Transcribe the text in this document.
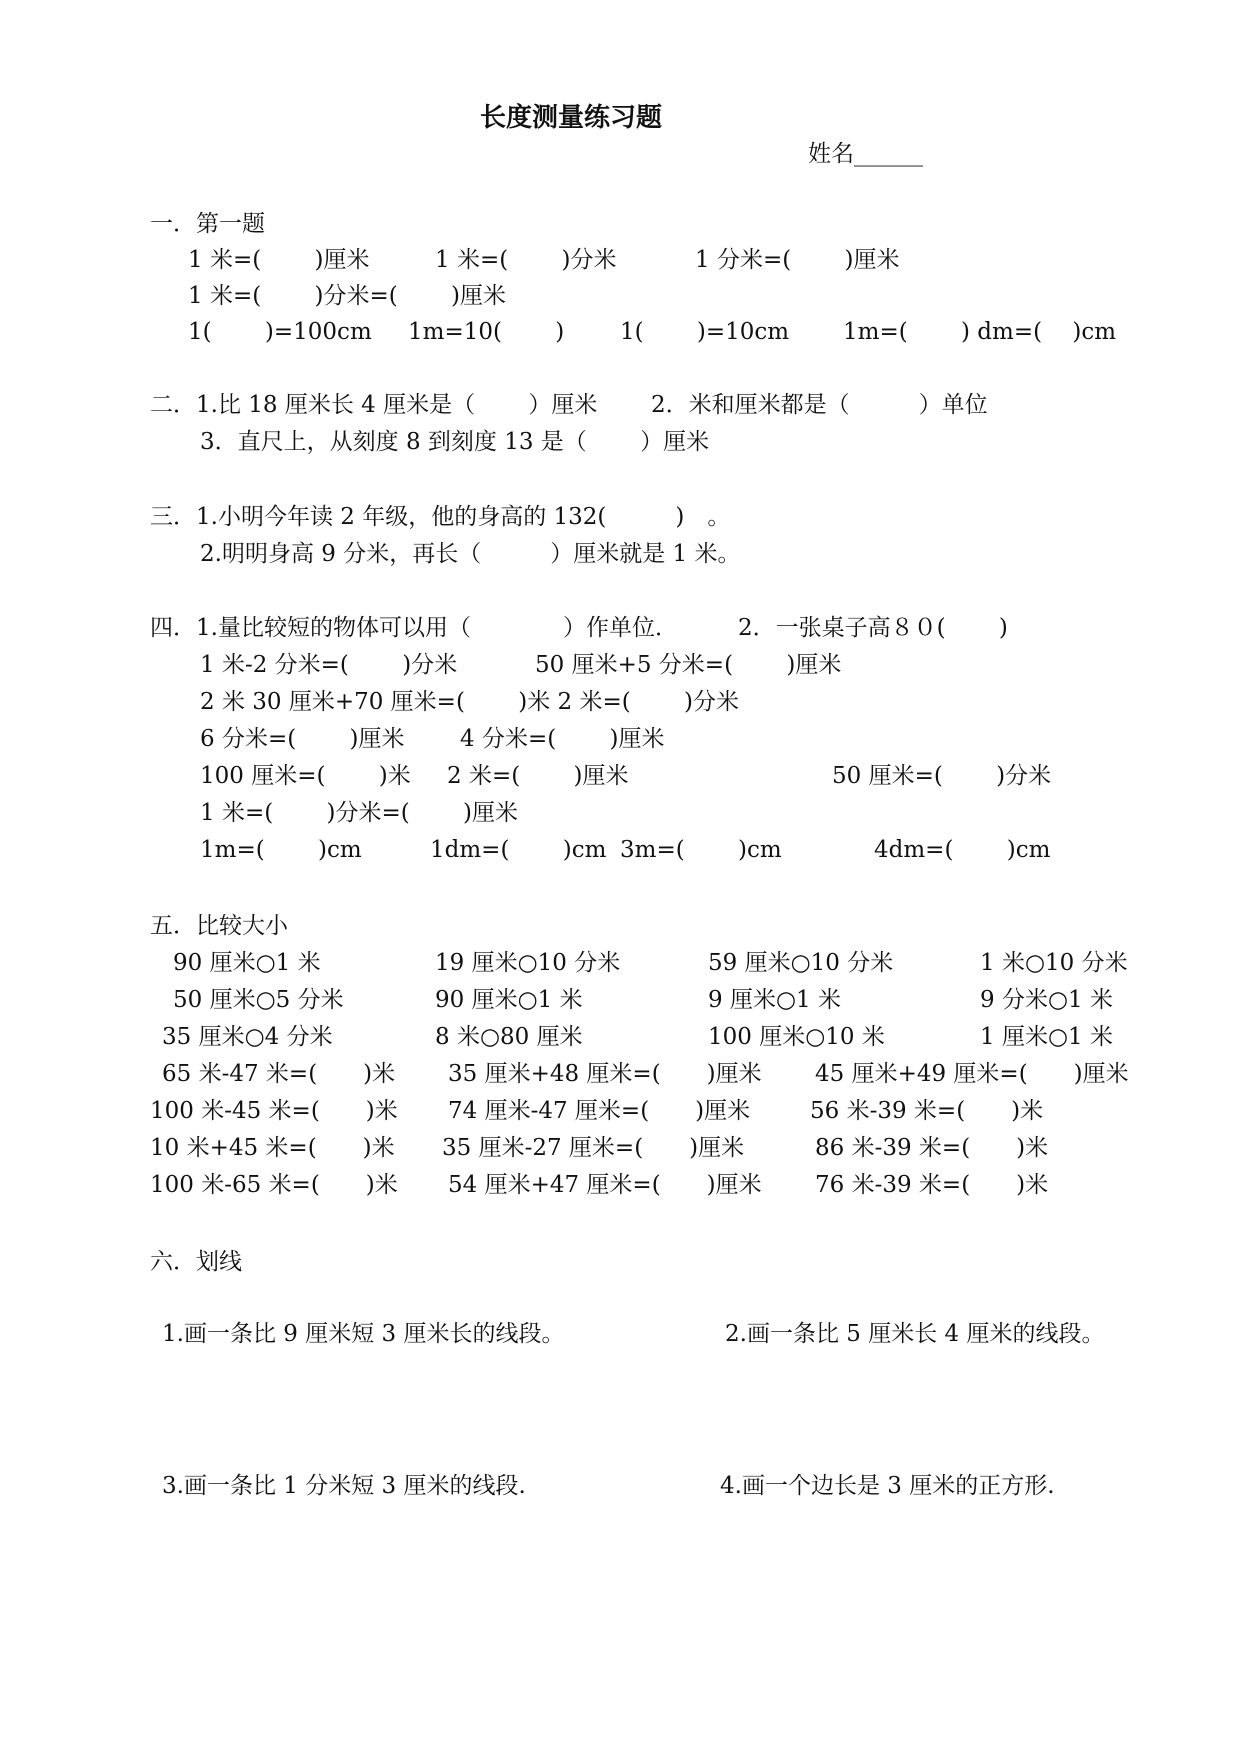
长度测量练习题
姓名______
一．第一题
1 米=(　　 )厘米	1 米=(　　 )分米	1 分米=(　　 )厘米
1 米=(　　 )分米=(　　 )厘米
1(　　 )=100cm 1m=10(　　 ) 1(　　 )=10cm 1m=(　　 ) dm=(　 )cm
二．1.比 18 厘米长 4 厘米是（　　 ）厘米 2．米和厘米都是（　　　）单位
3．直尺上，从刻度 8 到刻度 13 是（　　 ）厘米
三．1.小明今年读 2 年级，他的身高的 132(　　　)　。
2.明明身高 9 分米，再长（　　　）厘米就是 1 米。
四．1.量比较短的物体可以用（　　　　）作单位．	2．一张桌子高８０(　　 )
1 米-2 分米=(　　 )分米	50 厘米+5 分米=(　　 )厘米
2 米 30 厘米+70 厘米=(　　 )米 2 米=(　　 )分米
6 分米=(　　 )厘米 4 分米=(　　 )厘米
100 厘米=(　　 )米 2 米=(　　 )厘米	50 厘米=(　　 )分米
1 米=(　　 )分米=(　　 )厘米
1m=(　　 )cm	1dm=(　　 )cm 3m=(　　 )cm	4dm=(　　 )cm
五．比较大小
90 厘米○1 米	19 厘米○10 分米	59 厘米○10 分米	1 米○10 分米
50 厘米○5 分米	90 厘米○1 米	9 厘米○1 米	9 分米○1 米
35 厘米○4 分米	8 米○80 厘米	100 厘米○10 米	1 厘米○1 米
65 米-47 米=(　　)米 35 厘米+48 厘米=(　　)厘米 45 厘米+49 厘米=(　　)厘米
100 米-45 米=(　　)米 74 厘米-47 厘米=(　　)厘米	56 米-39 米=(　　)米
10 米+45 米=(　　)米 35 厘米-27 厘米=(　　)厘米	86 米-39 米=(　　)米
100 米-65 米=(　　)米 54 厘米+47 厘米=(　　)厘米 76 米-39 米=(　　)米
六．划线
1.画一条比 9 厘米短 3 厘米长的线段。	2.画一条比 5 厘米长 4 厘米的线段。
3.画一条比 1 分米短 3 厘米的线段.	4.画一个边长是 3 厘米的正方形.
